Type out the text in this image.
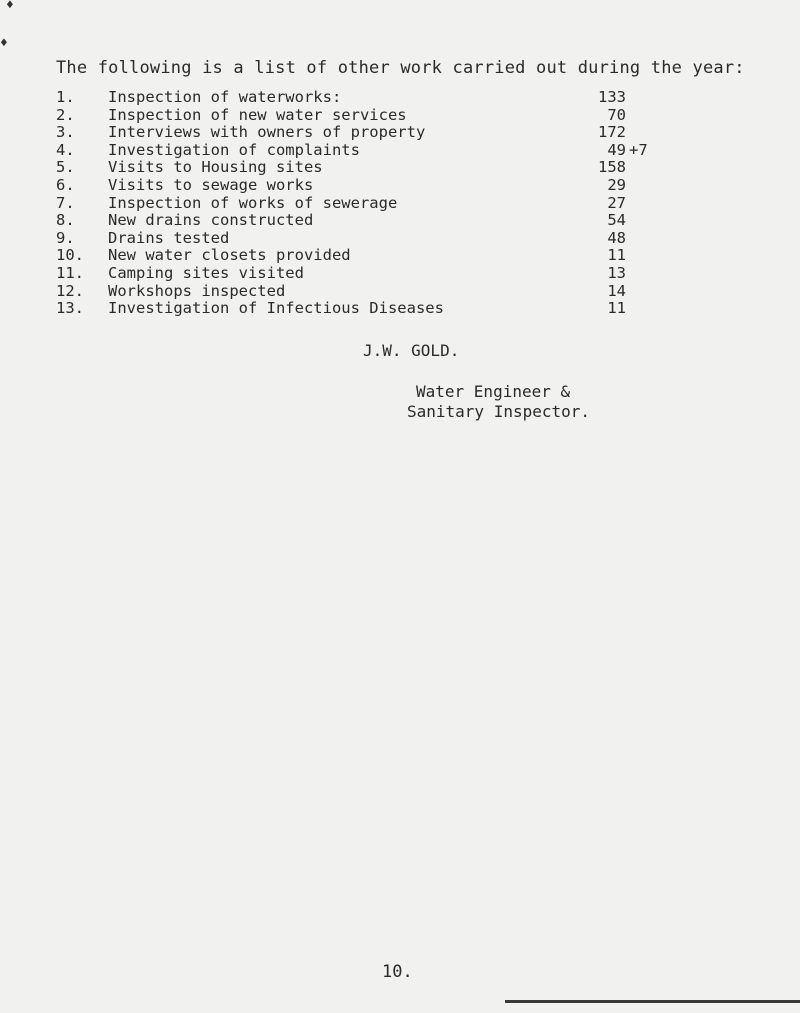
♦
♦
The following is a list of other work carried out during the year:
1.	Inspection of waterworks:	133
2.	Inspection of new water services	70
3.	Interviews with owners of property	172
4.	Investigation of complaints	49 +7
5.	Visits to Housing sites	158
6.	Visits to sewage works	29
7.	Inspection of works of sewerage	27
8.	New drains constructed	54
9.	Drains tested	48
10.	New water closets provided	11
11.	Camping sites visited	13
12.	Workshops inspected	14
13.	Investigation of Infectious Diseases	11
J.W. GOLD.
Water Engineer &
Sanitary Inspector.
10.
